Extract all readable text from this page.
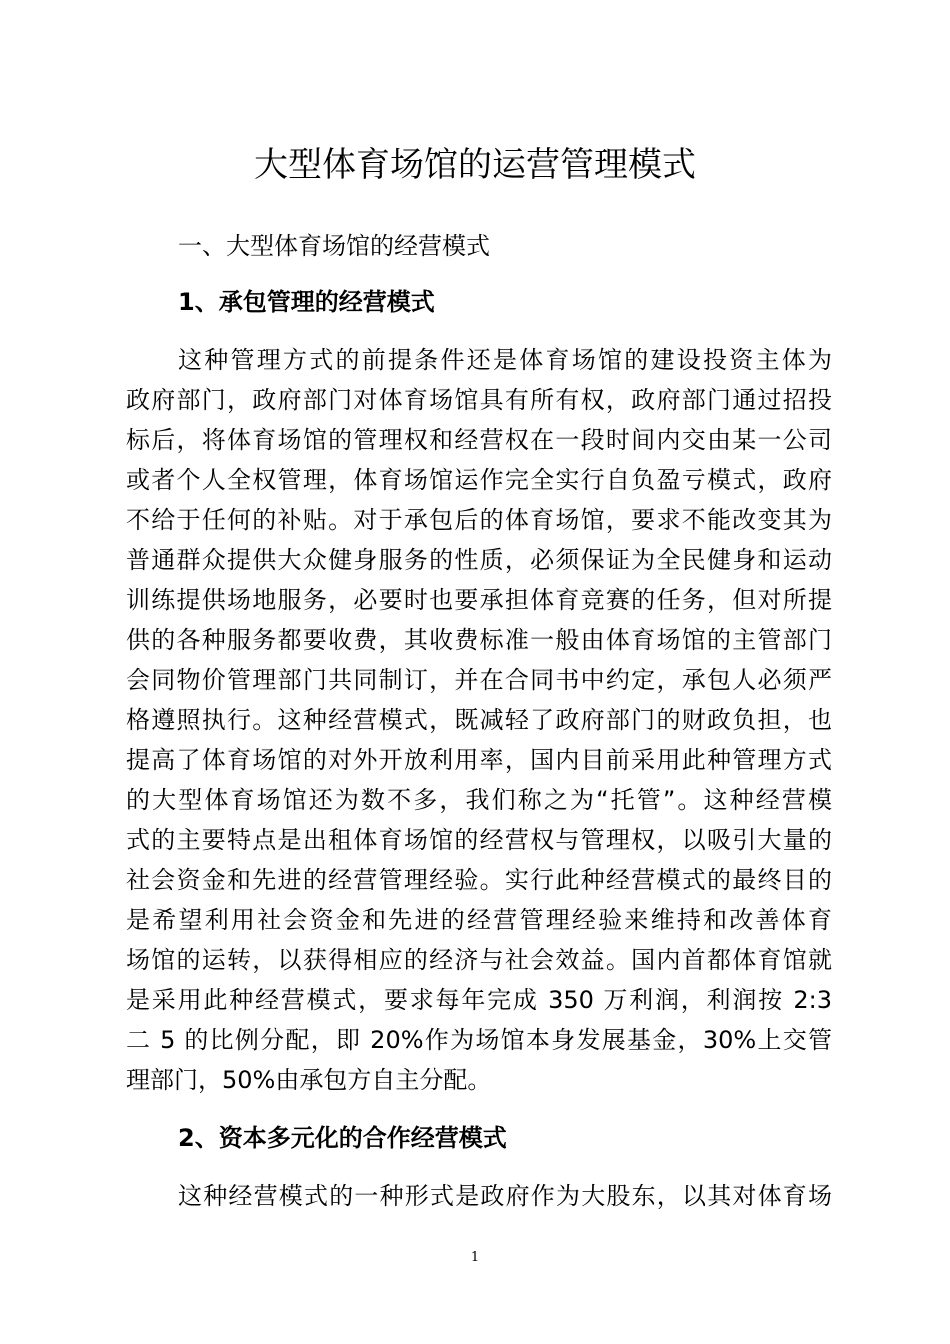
大型体育场馆的运营管理模式
一、大型体育场馆的经营模式
1、承包管理的经营模式
这种管理方式的前提条件还是体育场馆的建设投资主体为
政府部门，政府部门对体育场馆具有所有权，政府部门通过招投
标后，将体育场馆的管理权和经营权在一段时间内交由某一公司
或者个人全权管理，体育场馆运作完全实行自负盈亏模式，政府
不给于任何的补贴。对于承包后的体育场馆，要求不能改变其为
普通群众提供大众健身服务的性质，必须保证为全民健身和运动
训练提供场地服务，必要时也要承担体育竞赛的任务，但对所提
供的各种服务都要收费，其收费标准一般由体育场馆的主管部门
会同物价管理部门共同制订，并在合同书中约定，承包人必须严
格遵照执行。这种经营模式，既减轻了政府部门的财政负担，也
提高了体育场馆的对外开放利用率，国内目前采用此种管理方式
的大型体育场馆还为数不多，我们称之为“托管”。这种经营模
式的主要特点是出租体育场馆的经营权与管理权，以吸引大量的
社会资金和先进的经营管理经验。实行此种经营模式的最终目的
是希望利用社会资金和先进的经营管理经验来维持和改善体育
场馆的运转，以获得相应的经济与社会效益。国内首都体育馆就
是采用此种经营模式，要求每年完成 350 万利润，利润按 2:3
二 5 的比例分配，即 20%作为场馆本身发展基金，30%上交管
理部门，50%由承包方自主分配。
2、资本多元化的合作经营模式
这种经营模式的一种形式是政府作为大股东，以其对体育场
1
